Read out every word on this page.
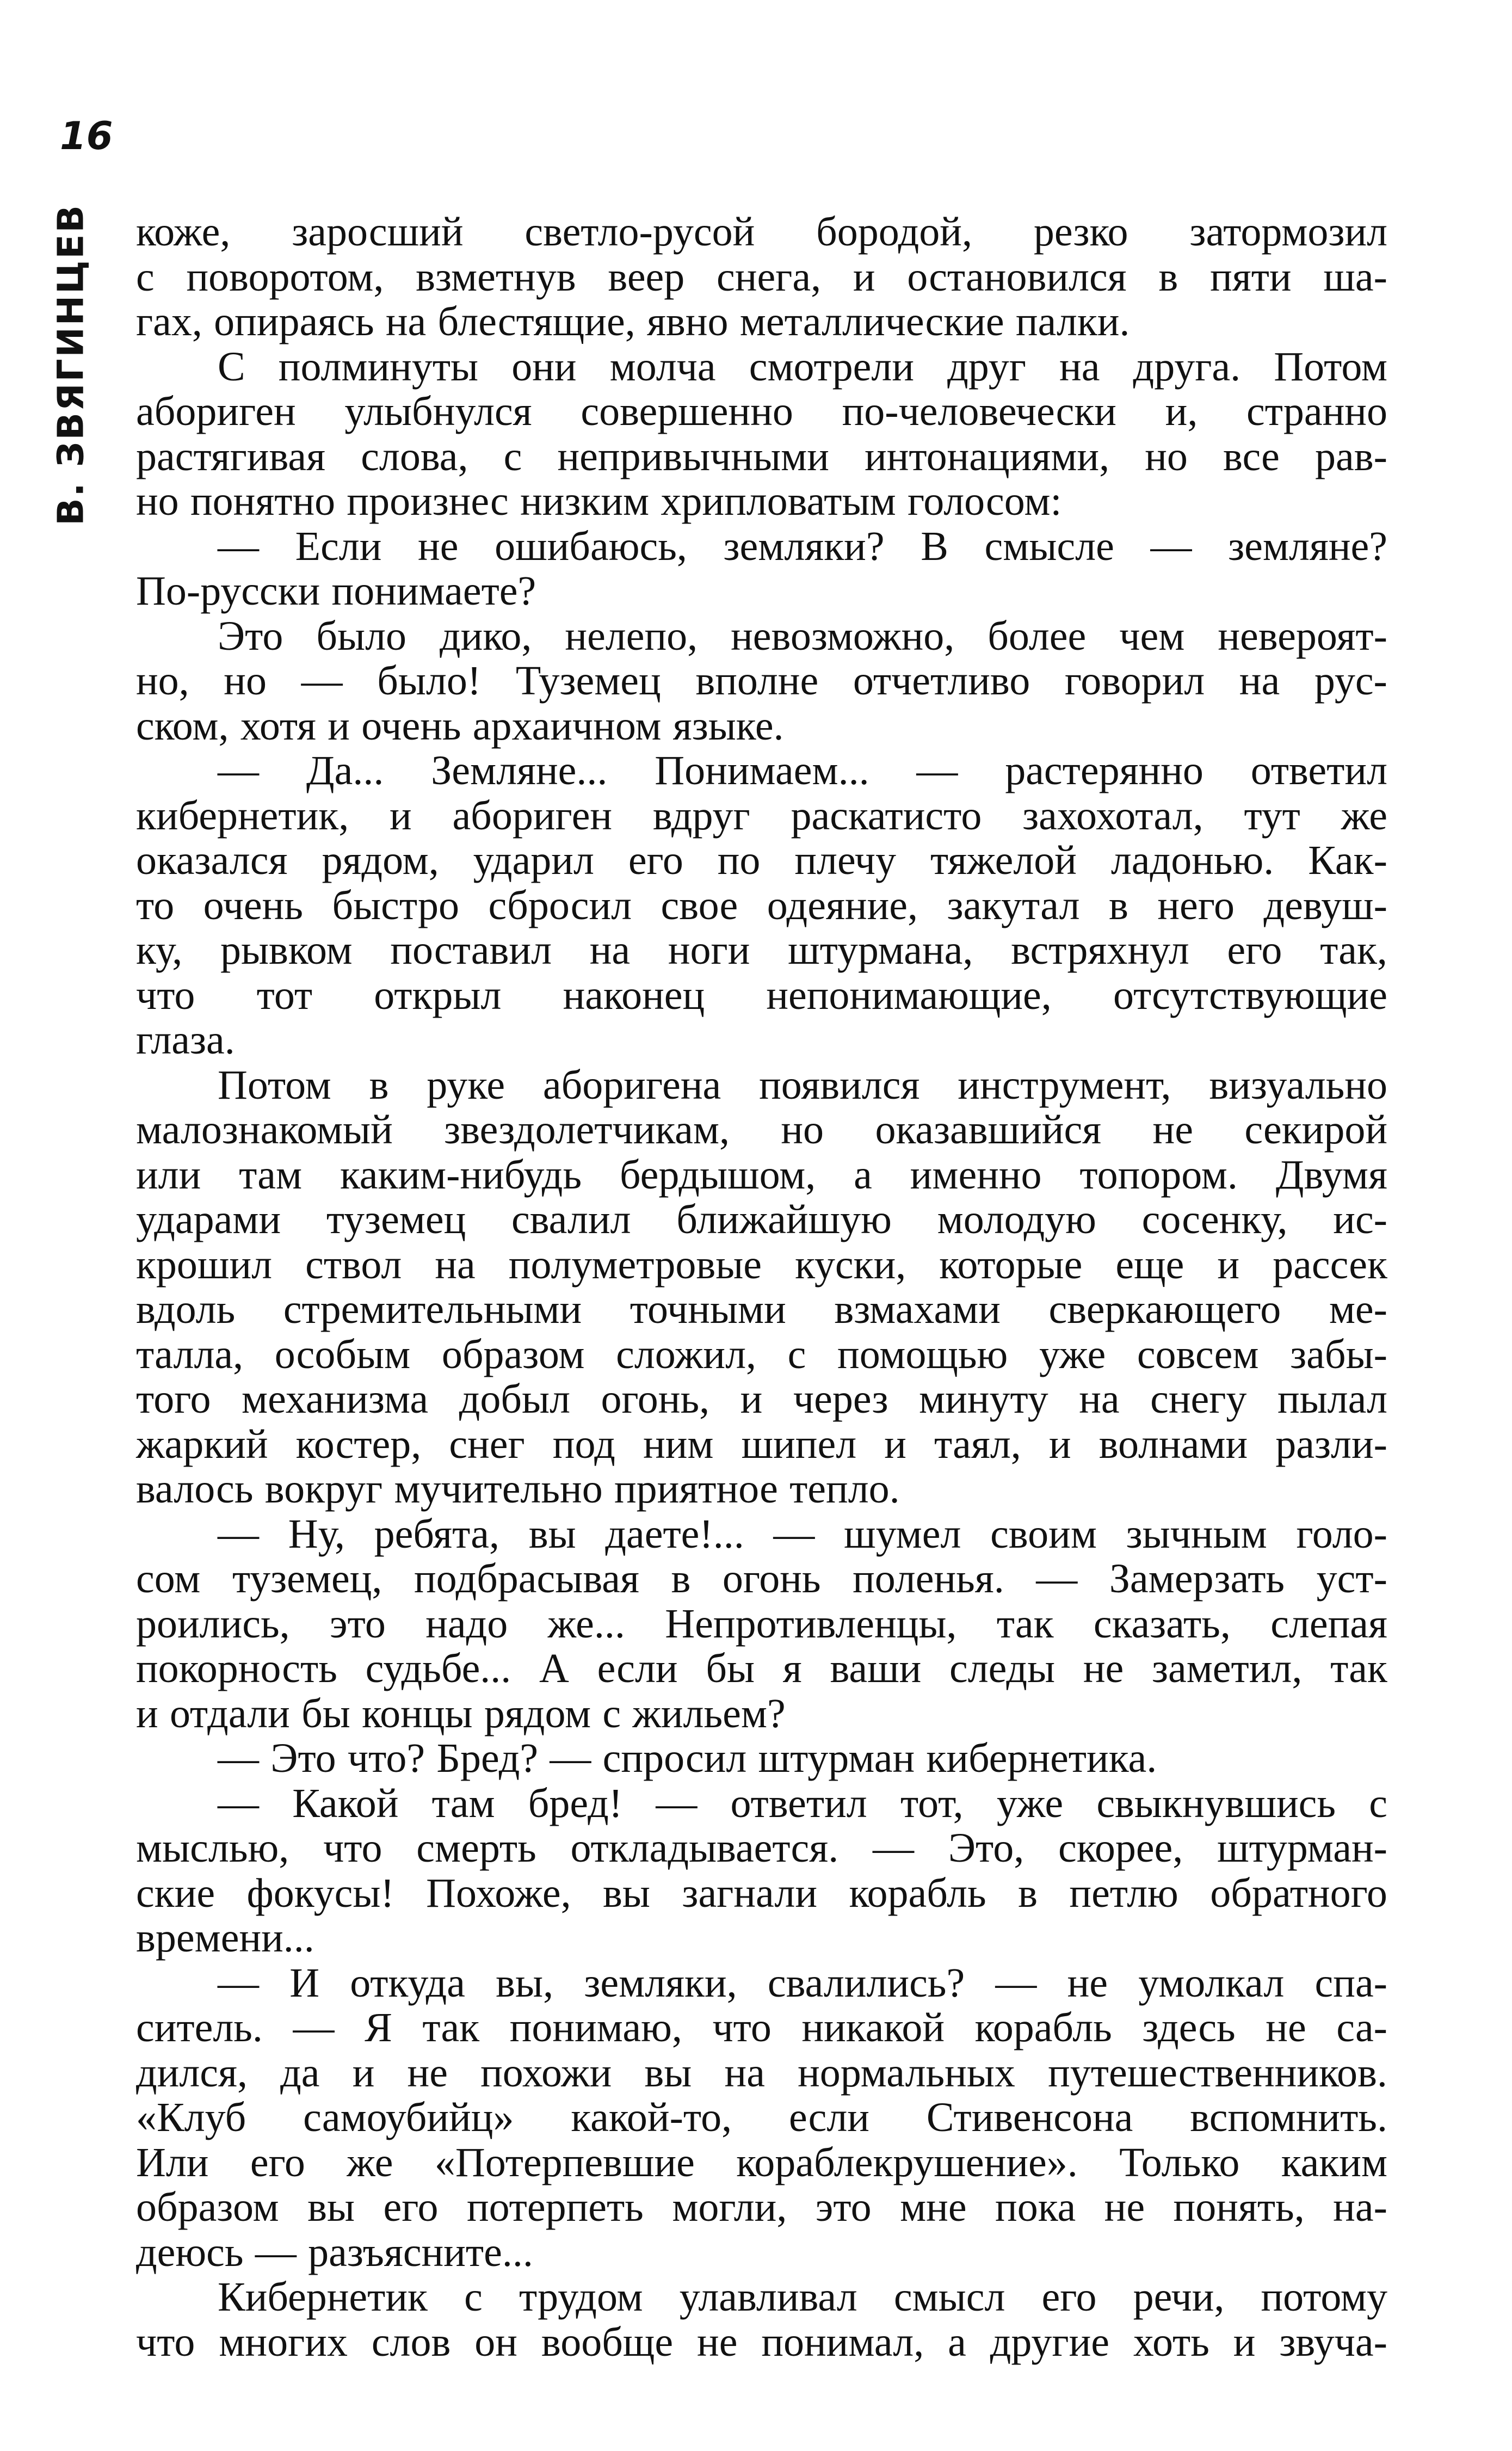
16
В. ЗВЯГИНЦЕВ коже, заросший светло-русой бородой, резко затормозил
с поворотом, взметнув веер снега, и остановился в пяти ша-
гах, опираясь на блестящие, явно металлические палки.
С полминуты они молча смотрели друг на друга. Потом
абориген улыбнулся совершенно по-человечески и, странно
растягивая слова, с непривычными интонациями, но все рав-
но понятно произнес низким хрипловатым голосом:
— Если не ошибаюсь, земляки? В смысле — земляне?
По-русски понимаете?
Это было дико, нелепо, невозможно, более чем невероят-
но, но — было! Туземец вполне отчетливо говорил на рус-
ском, хотя и очень архаичном языке.
— Да... Земляне... Понимаем... — растерянно ответил
кибернетик, и абориген вдруг раскатисто захохотал, тут же
оказался рядом, ударил его по плечу тяжелой ладонью. Как-
то очень быстро сбросил свое одеяние, закутал в него девуш-
ку, рывком поставил на ноги штурмана, встряхнул его так,
что тот открыл наконец непонимающие, отсутствующие
глаза.
Потом в руке аборигена появился инструмент, визуально
малознакомый звездолетчикам, но оказавшийся не секирой
или там каким-нибудь бердышом, а именно топором. Двумя
ударами туземец свалил ближайшую молодую сосенку, ис-
крошил ствол на полуметровые куски, которые еще и рассек
вдоль стремительными точными взмахами сверкающего ме-
талла, особым образом сложил, с помощью уже совсем забы-
того механизма добыл огонь, и через минуту на снегу пылал
жаркий костер, снег под ним шипел и таял, и волнами разли-
валось вокруг мучительно приятное тепло.
— Ну, ребята, вы даете!... — шумел своим зычным голо-
сом туземец, подбрасывая в огонь поленья. — Замерзать уст-
роились, это надо же... Непротивленцы, так сказать, слепая
покорность судьбе... А если бы я ваши следы не заметил, так
и отдали бы концы рядом с жильем?
— Это что? Бред? — спросил штурман кибернетика.
— Какой там бред! — ответил тот, уже свыкнувшись с
мыслью, что смерть откладывается. — Это, скорее, штурман-
ские фокусы! Похоже, вы загнали корабль в петлю обратного
времени...
— И откуда вы, земляки, свалились? — не умолкал спа-
ситель. — Я так понимаю, что никакой корабль здесь не са-
дился, да и не похожи вы на нормальных путешественников.
«Клуб самоубийц» какой-то, если Стивенсона вспомнить.
Или его же «Потерпевшие кораблекрушение». Только каким
образом вы его потерпеть могли, это мне пока не понять, на-
деюсь — разъясните...
Кибернетик с трудом улавливал смысл его речи, потому
что многих слов он вообще не понимал, а другие хоть и звуча-
